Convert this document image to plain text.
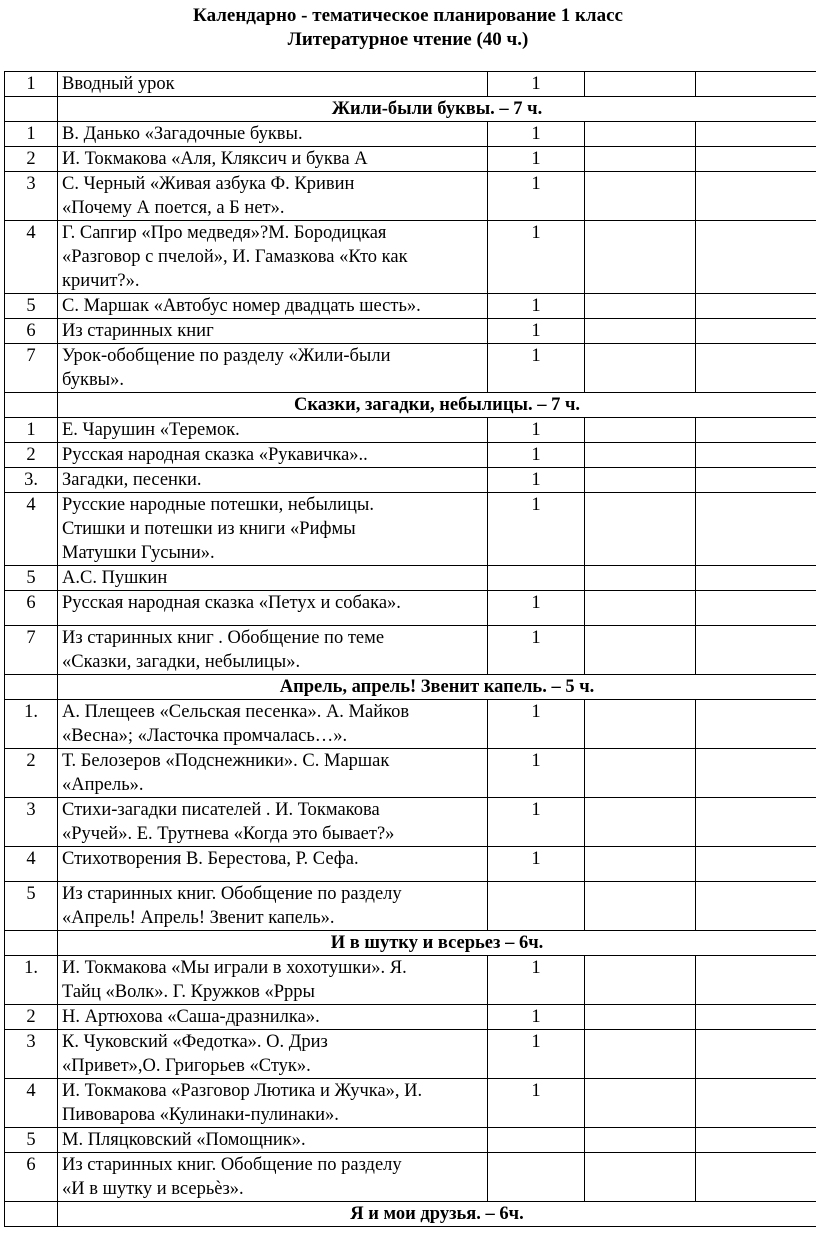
Календарно - тематическое планирование 1 класс
Литературное чтение (40 ч.)
1	Вводный урок	1		
	Жили-были буквы. – 7 ч.			
1	В. Данько «Загадочные буквы.	1		
2	И. Токмакова «Аля, Кляксич и буква А	1		
3	С. Черный «Живая азбука Ф. Кривин
«Почему А поется, а Б нет».	1		
4	Г. Сапгир «Про медведя»?М. Бородицкая
«Разговор с пчелой», И. Гамазкова «Кто как
кричит?».	1		
5	С. Маршак «Автобус номер двадцать шесть».	1		
6	Из старинных книг	1		
7	Урок-обобщение по разделу «Жили-были
буквы».	1		
	Сказки, загадки, небылицы. – 7 ч.			
1	Е. Чарушин «Теремок.	1		
2	Русская народная сказка «Рукавичка»..	1		
3.	Загадки, песенки.	1		
4	Русские народные потешки, небылицы.
Стишки и потешки из книги «Рифмы
Матушки Гусыни».	1		
5	А.С. Пушкин			
6	Русская народная сказка «Петух и собака».	1		
7	Из старинных книг . Обобщение по теме
«Сказки, загадки, небылицы».	1		
	Апрель, апрель! Звенит капель. – 5 ч.			
1.	А. Плещеев «Сельская песенка». А. Майков
«Весна»; «Ласточка промчалась…».	1		
2	Т. Белозеров «Подснежники». С. Маршак
«Апрель».	1		
3	Стихи-загадки писателей . И. Токмакова
«Ручей». Е. Трутнева «Когда это бывает?»	1		
4	Стихотворения В. Берестова, Р. Сефа.	1		
5	Из старинных книг. Обобщение по разделу
«Апрель! Апрель! Звенит капель».			
	И в шутку и всерьез – 6ч.			
1.	И. Токмакова «Мы играли в хохотушки». Я.
Тайц «Волк». Г. Кружков «Ррры	1		
2	Н. Артюхова «Саша-дразнилка».	1		
3	К. Чуковский «Федотка». О. Дриз
«Привет»,О. Григорьев «Стук».	1		
4	И. Токмакова «Разговор Лютика и Жучка», И.
Пивоварова «Кулинаки-пулинаки».	1		
5	М. Пляцковский «Помощник».			
6	Из старинных книг. Обобщение по разделу
«И в шутку и всерьѐз».			
	Я и мои друзья. – 6ч.			
